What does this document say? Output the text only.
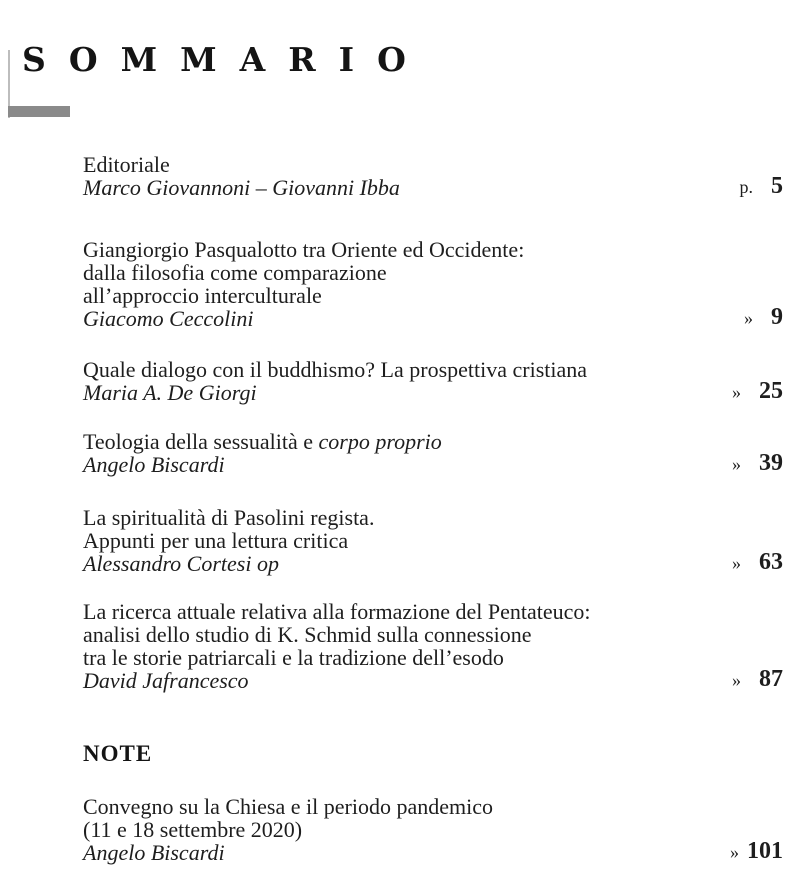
SOMMARIO
Editoriale
Marco Giovannoni – Giovanni Ibba	p. 5
Giangiorgio Pasqualotto tra Oriente ed Occidente:
dalla filosofia come comparazione
all’approccio interculturale
Giacomo Ceccolini	» 9
Quale dialogo con il buddhismo? La prospettiva cristiana
Maria A. De Giorgi	» 25
Teologia della sessualità e corpo proprio
Angelo Biscardi	» 39
La spiritualità di Pasolini regista.
Appunti per una lettura critica
Alessandro Cortesi op	» 63
La ricerca attuale relativa alla formazione del Pentateuco:
analisi dello studio di K. Schmid sulla connessione
tra le storie patriarcali e la tradizione dell’esodo
David Jafrancesco	» 87
NOTE
Convegno su la Chiesa e il periodo pandemico
(11 e 18 settembre 2020)
Angelo Biscardi	» 101
